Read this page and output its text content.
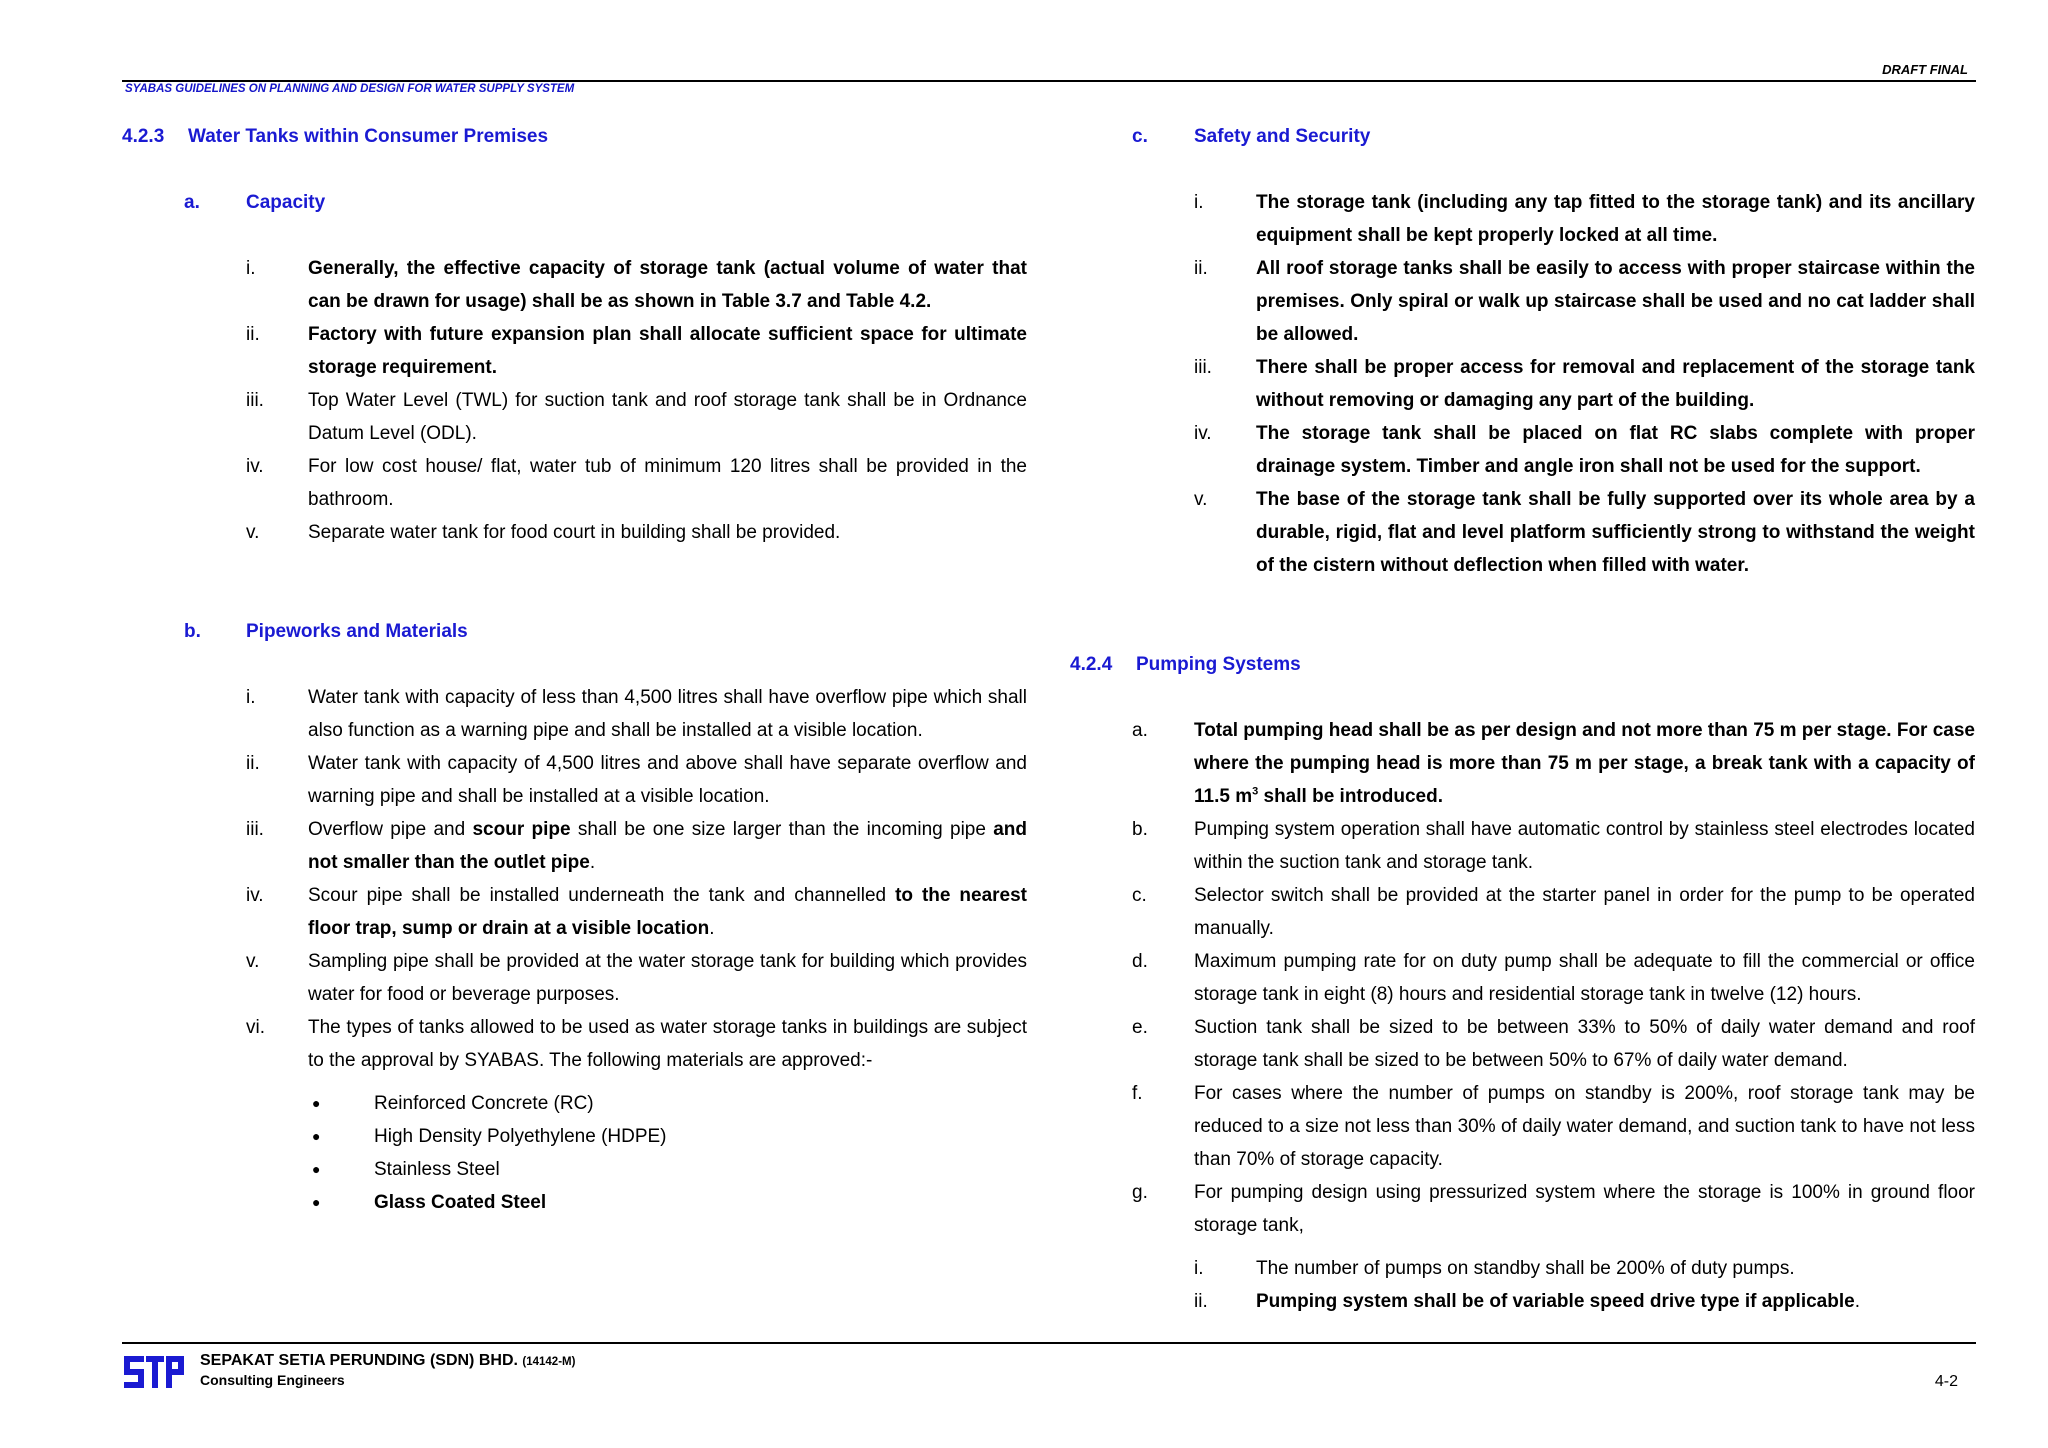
DRAFT FINAL
SYABAS GUIDELINES ON PLANNING AND DESIGN FOR WATER SUPPLY SYSTEM
4.2.3	Water Tanks within Consumer Premises
a.	Capacity
i.	Generally, the effective capacity of storage tank (actual volume of water that can be drawn for usage) shall be as shown in Table 3.7 and Table 4.2.
ii.	Factory with future expansion plan shall allocate sufficient space for ultimate storage requirement.
iii.	Top Water Level (TWL) for suction tank and roof storage tank shall be in Ordnance Datum Level (ODL).
iv.	For low cost house/ flat, water tub of minimum 120 litres shall be provided in the bathroom.
v.	Separate water tank for food court in building shall be provided.
b.	Pipeworks and Materials
i.	Water tank with capacity of less than 4,500 litres shall have overflow pipe which shall also function as a warning pipe and shall be installed at a visible location.
ii.	Water tank with capacity of 4,500 litres and above shall have separate overflow and warning pipe and shall be installed at a visible location.
iii.	Overflow pipe and scour pipe shall be one size larger than the incoming pipe and not smaller than the outlet pipe.
iv.	Scour pipe shall be installed underneath the tank and channelled to the nearest floor trap, sump or drain at a visible location.
v.	Sampling pipe shall be provided at the water storage tank for building which provides water for food or beverage purposes.
vi.	The types of tanks allowed to be used as water storage tanks in buildings are subject to the approval by SYABAS. The following materials are approved:-
●	Reinforced Concrete (RC)
●	High Density Polyethylene (HDPE)
●	Stainless Steel
●	Glass Coated Steel
c.	Safety and Security
i.	The storage tank (including any tap fitted to the storage tank) and its ancillary equipment shall be kept properly locked at all time.
ii.	All roof storage tanks shall be easily to access with proper staircase within the premises. Only spiral or walk up staircase shall be used and no cat ladder shall be allowed.
iii.	There shall be proper access for removal and replacement of the storage tank without removing or damaging any part of the building.
iv.	The storage tank shall be placed on flat RC slabs complete with proper drainage system. Timber and angle iron shall not be used for the support.
v.	The base of the storage tank shall be fully supported over its whole area by a durable, rigid, flat and level platform sufficiently strong to withstand the weight of the cistern without deflection when filled with water.
4.2.4	Pumping Systems
a.	Total pumping head shall be as per design and not more than 75 m per stage. For case where the pumping head is more than 75 m per stage, a break tank with a capacity of 11.5 $m^3$ shall be introduced.
b.	Pumping system operation shall have automatic control by stainless steel electrodes located within the suction tank and storage tank.
c.	Selector switch shall be provided at the starter panel in order for the pump to be operated manually.
d.	Maximum pumping rate for on duty pump shall be adequate to fill the commercial or office storage tank in eight (8) hours and residential storage tank in twelve (12) hours.
e.	Suction tank shall be sized to be between 33% to 50% of daily water demand and roof storage tank shall be sized to be between 50% to 67% of daily water demand.
f.	For cases where the number of pumps on standby is 200%, roof storage tank may be reduced to a size not less than 30% of daily water demand, and suction tank to have not less than 70% of storage capacity.
g.	For pumping design using pressurized system where the storage is 100% in ground floor storage tank,
i.	The number of pumps on standby shall be 200% of duty pumps.
ii.	Pumping system shall be of variable speed drive type if applicable.
SEPAKAT SETIA PERUNDING (SDN) BHD. (14142-M)
Consulting Engineers	4-2
